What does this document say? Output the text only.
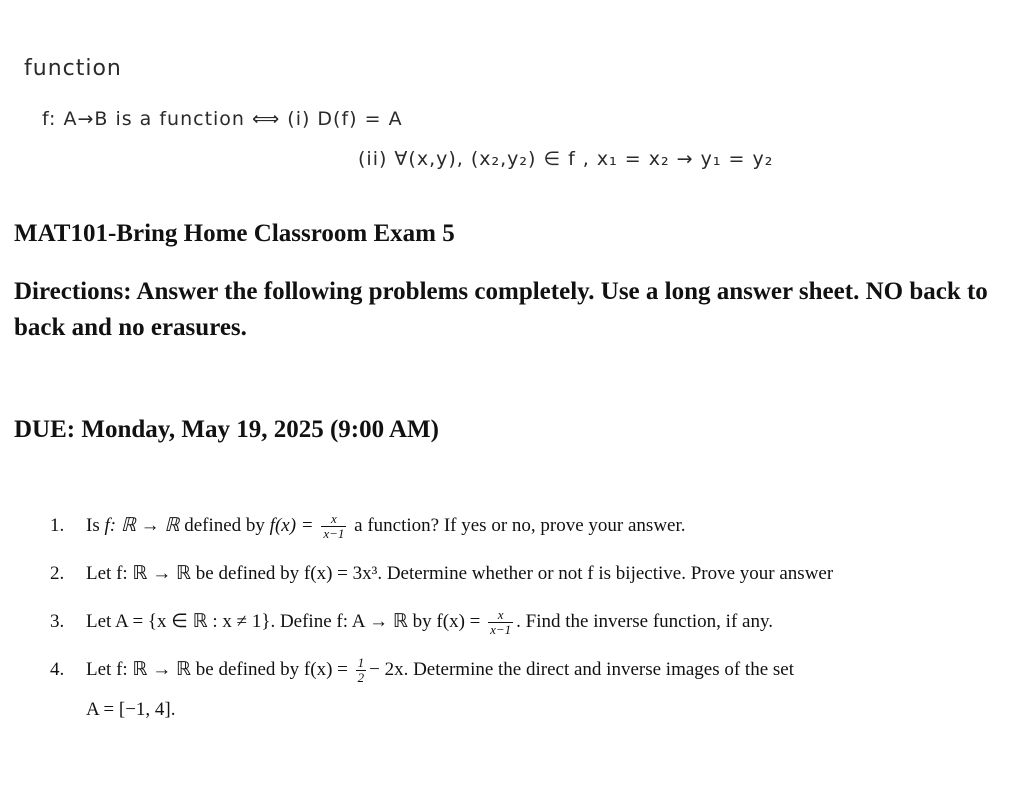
function
f: A→B is a function ⟺ (i) D(f) = A
(ii) ∀(x,y), (x₂,y₂) ∈ f , x₁ = x₂ → y₁ = y₂
MAT101-Bring Home Classroom Exam 5

Directions: Answer the following problems completely. Use a long answer sheet. NO back to back and no erasures.

DUE: Monday, May 19, 2025 (9:00 AM)

1. Is f: ℝ → ℝ defined by $f(x) = \frac{x}{x-1}$ a function? If yes or no, prove your answer.
2. Let f: ℝ → ℝ be defined by f(x) = 3x³. Determine whether or not f is bijective. Prove your answer
3. Let A = {x ∈ ℝ : x ≠ 1}. Define f: A → ℝ by $f(x) = \frac{x}{x-1}$ . Find the inverse function, if any.
4. Let f: ℝ → ℝ be defined by $f(x) = \frac{1}{2} - 2x$. Determine the direct and inverse images of the set
A = [−1, 4].
